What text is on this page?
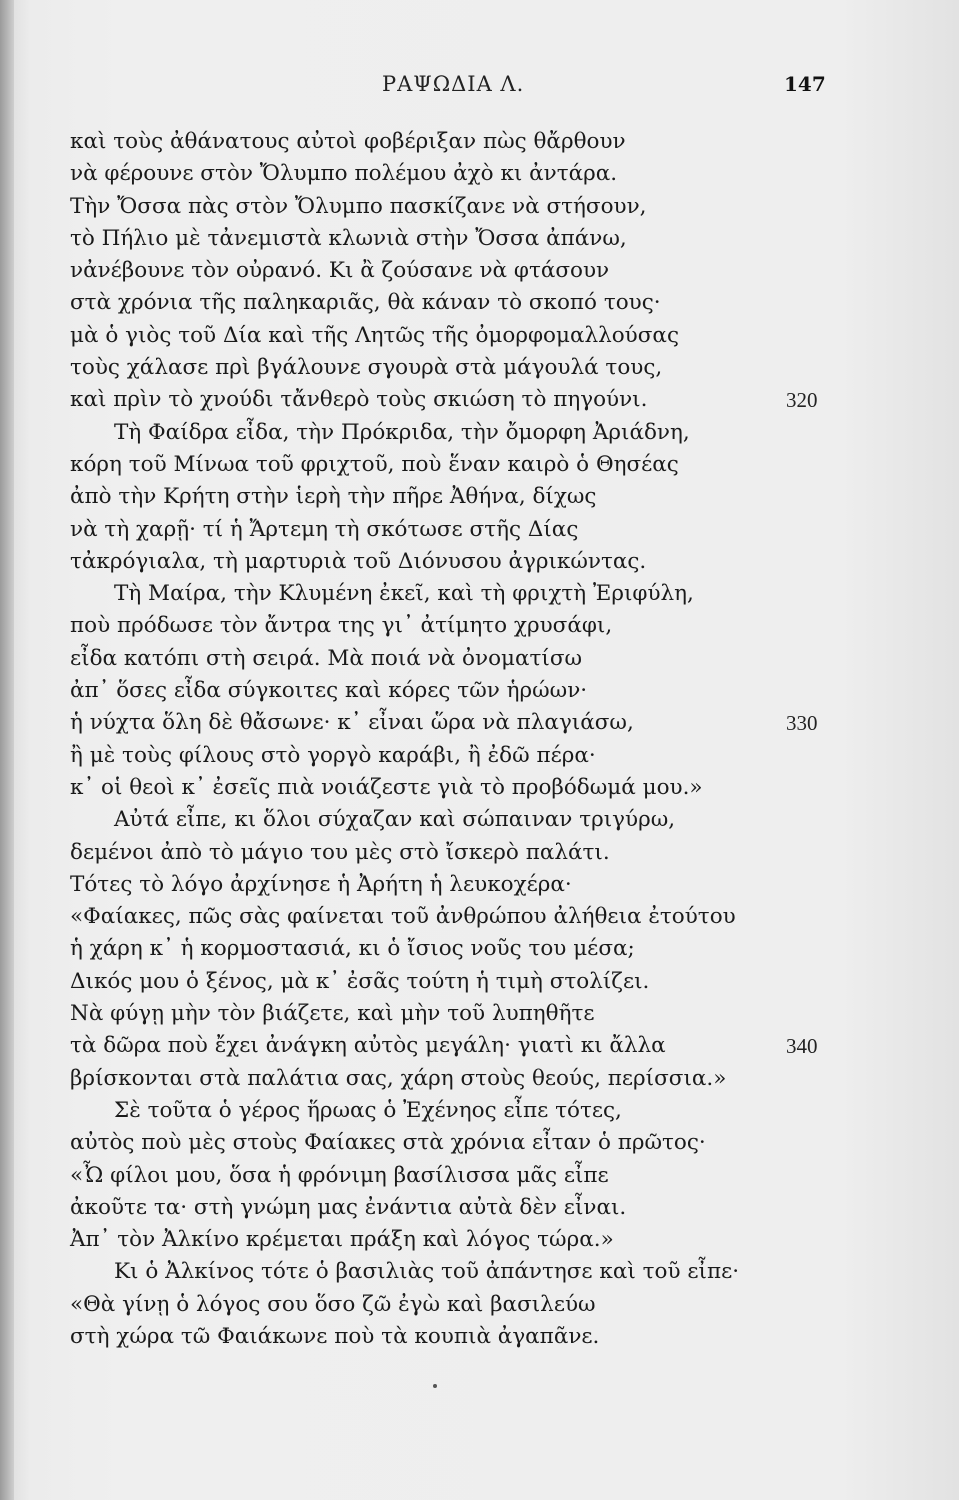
ΡΑΨΩΔΙΑ Λ.	147
καὶ τοὺς ἀθάνατους αὐτοὶ φοβέριξαν πὼς θἄρθουν
νὰ φέρουνε στὸν Ὄλυμπο πολέμου ἀχὸ κι ἀντάρα.
Τὴν Ὄσσα πὰς στὸν Ὄλυμπο πασκίζανε νὰ στήσουν,
τὸ Πήλιο μὲ τἀνεμιστὰ κλωνιὰ στὴν Ὄσσα ἀπάνω,
νἀνέβουνε τὸν οὐρανό. Κι ἂ ζούσανε νὰ φτάσουν
στὰ χρόνια τῆς παληκαριᾶς, θὰ κάναν τὸ σκοπό τους·
μὰ ὁ γιὸς τοῦ Δία καὶ τῆς Λητῶς τῆς ὀμορφομαλλούσας
τοὺς χάλασε πρὶ βγάλουνε σγουρὰ στὰ μάγουλά τους,
καὶ πρὶν τὸ χνούδι τἄνθερὸ τοὺς σκιώση τὸ πηγούνι.	320
Τὴ Φαίδρα εἶδα, τὴν Πρόκριδα, τὴν ὄμορφη Ἀριάδνη,
κόρη τοῦ Μίνωα τοῦ φριχτοῦ, ποὺ ἕναν καιρὸ ὁ Θησέας
ἀπὸ τὴν Κρήτη στὴν ἱερὴ τὴν πῆρε Ἀθήνα, δίχως
νὰ τὴ χαρῇ· τί ἡ Ἄρτεμη τὴ σκότωσε στῆς Δίας
τἀκρόγιαλα, τὴ μαρτυριὰ τοῦ Διόνυσου ἀγρικώντας.
Τὴ Μαίρα, τὴν Κλυμένη ἐκεῖ, καὶ τὴ φριχτὴ Ἐριφύλη,
ποὺ πρόδωσε τὸν ἄντρα της γι᾿ ἀτίμητο χρυσάφι,
εἶδα κατόπι στὴ σειρά. Μὰ ποιά νὰ ὀνοματίσω
ἀπ᾿ ὅσες εἶδα σύγκοιτες καὶ κόρες τῶν ἡρώων·
ἡ νύχτα ὅλη δὲ θἄσωνε· κ᾿ εἶναι ὥρα νὰ πλαγιάσω,	330
ἢ μὲ τοὺς φίλους στὸ γοργὸ καράβι, ἢ ἐδῶ πέρα·
κ᾿ οἱ θεοὶ κ᾿ ἐσεῖς πιὰ νοιάζεστε γιὰ τὸ προβόδωμά μου.»
Αὐτά εἶπε, κι ὅλοι σύχαζαν καὶ σώπαιναν τριγύρω,
δεμένοι ἀπὸ τὸ μάγιο του μὲς στὸ ἴσκερὸ παλάτι.
Τότες τὸ λόγο ἀρχίνησε ἡ Ἀρήτη ἡ λευκοχέρα·
«Φαίακες, πῶς σὰς φαίνεται τοῦ ἀνθρώπου ἀλήθεια ἐτούτου
ἡ χάρη κ᾿ ἡ κορμοστασιά, κι ὁ ἴσιος νοῦς του μέσα;
Δικός μου ὁ ξένος, μὰ κ᾿ ἐσᾶς τούτη ἡ τιμὴ στολίζει.
Νὰ φύγῃ μὴν τὸν βιάζετε, καὶ μὴν τοῦ λυπηθῆτε
τὰ δῶρα ποὺ ἔχει ἀνάγκη αὐτὸς μεγάλη· γιατὶ κι ἄλλα	340
βρίσκονται στὰ παλάτια σας, χάρη στοὺς θεούς, περίσσια.»
Σὲ τοῦτα ὁ γέρος ἥρωας ὁ Ἐχένηος εἶπε τότες,
αὐτὸς ποὺ μὲς στοὺς Φαίακες στὰ χρόνια εἶταν ὁ πρῶτος·
«Ὦ φίλοι μου, ὅσα ἡ φρόνιμη βασίλισσα μᾶς εἶπε
ἀκοῦτε τα· στὴ γνώμη μας ἐνάντια αὐτὰ δὲν εἶναι.
Ἀπ᾿ τὸν Ἀλκίνο κρέμεται πράξη καὶ λόγος τώρα.»
Κι ὁ Ἀλκίνος τότε ὁ βασιλιὰς τοῦ ἀπάντησε καὶ τοῦ εἶπε·
«Θὰ γίνῃ ὁ λόγος σου ὅσο ζῶ ἐγὼ καὶ βασιλεύω
στὴ χώρα τῶ Φαιάκωνε ποὺ τὰ κουπιὰ ἀγαπᾶνε.
